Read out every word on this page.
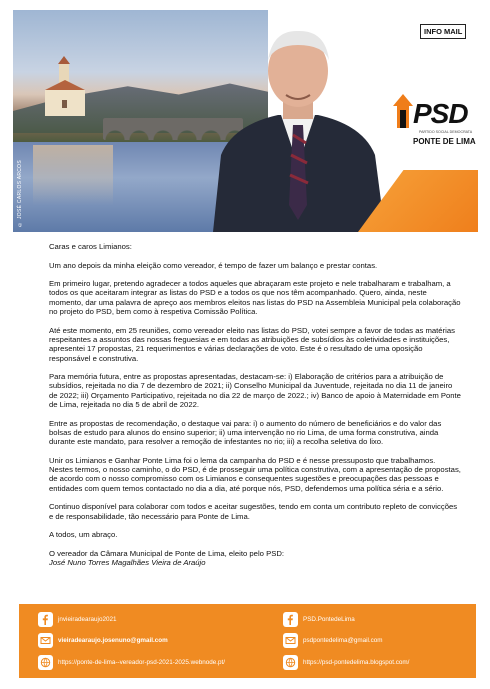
© JOSÉ CARLOS ARCOS
PSD
PARTIDO SOCIAL DEMOCRATA
PONTE DE LIMA
INFO MAIL

Caras e caros Limianos:

Um ano depois da minha eleição como vereador, é tempo de fazer um balanço e prestar contas.

Em primeiro lugar, pretendo agradecer a todos aqueles que abraçaram este projeto e nele trabalharam e trabalham, a todos os que aceitaram integrar as listas do PSD e a todos os que nos têm acompanhado. Quero, ainda, neste momento, dar uma palavra de apreço aos membros eleitos nas listas do PSD na Assembleia Municipal pela colaboração no projeto do PSD, bem como à respetiva Comissão Política.

Até este momento, em 25 reuniões, como vereador eleito nas listas do PSD, votei sempre a favor de todas as matérias respeitantes a assuntos das nossas freguesias e em todas as atribuições de subsídios às coletividades e instituições, apresentei 17 propostas, 21 requerimentos e várias declarações de voto. Este é o resultado de uma oposição responsável e construtiva.

Para memória futura, entre as propostas apresentadas, destacam-se: i) Elaboração de critérios para a atribuição de subsídios, rejeitada no dia 7 de dezembro de 2021; ii) Conselho Municipal da Juventude, rejeitada no dia 11 de janeiro de 2022; iii) Orçamento Participativo, rejeitada no dia 22 de março de 2022.; iv) Banco de apoio à Maternidade em Ponte de Lima, rejeitada no dia 5 de abril de 2022.

Entre as propostas de recomendação, o destaque vai para: i) o aumento do número de beneficiários e do valor das bolsas de estudo para alunos do ensino superior; ii) uma intervenção no rio Lima, de uma forma construtiva, ainda durante este mandato, para resolver a remoção de infestantes no rio; iii) a recolha seletiva do lixo.

Unir os Limianos e Ganhar Ponte Lima foi o lema da campanha do PSD e é nesse pressuposto que trabalhamos. Nestes termos, o nosso caminho, o do PSD, é de prosseguir uma política construtiva, com a apresentação de propostas, de acordo com o nosso compromisso com os Limianos e consequentes sugestões e preocupações das pessoas e entidades com quem temos contactado no dia a dia, até porque nós, PSD, defendemos uma política séria e a sério.

Continuo disponível para colaborar com todos e aceitar sugestões, tendo em conta um contributo repleto de convicções e de responsabilidade, tão necessário para Ponte de Lima.

A todos, um abraço.

O vereador da Câmara Municipal de Ponte de Lima, eleito pelo PSD:
José Nuno Torres Magalhães Vieira de Araújo
jnvieiradearaujo2021
vieiradearaujo.josenuno@gmail.com
https://ponte-de-lima--vereador-psd-2021-2025.webnode.pt/
PSD.PontedeLima
psdpontedelima@gmail.com
https://psd-pontedelima.blogspot.com/
